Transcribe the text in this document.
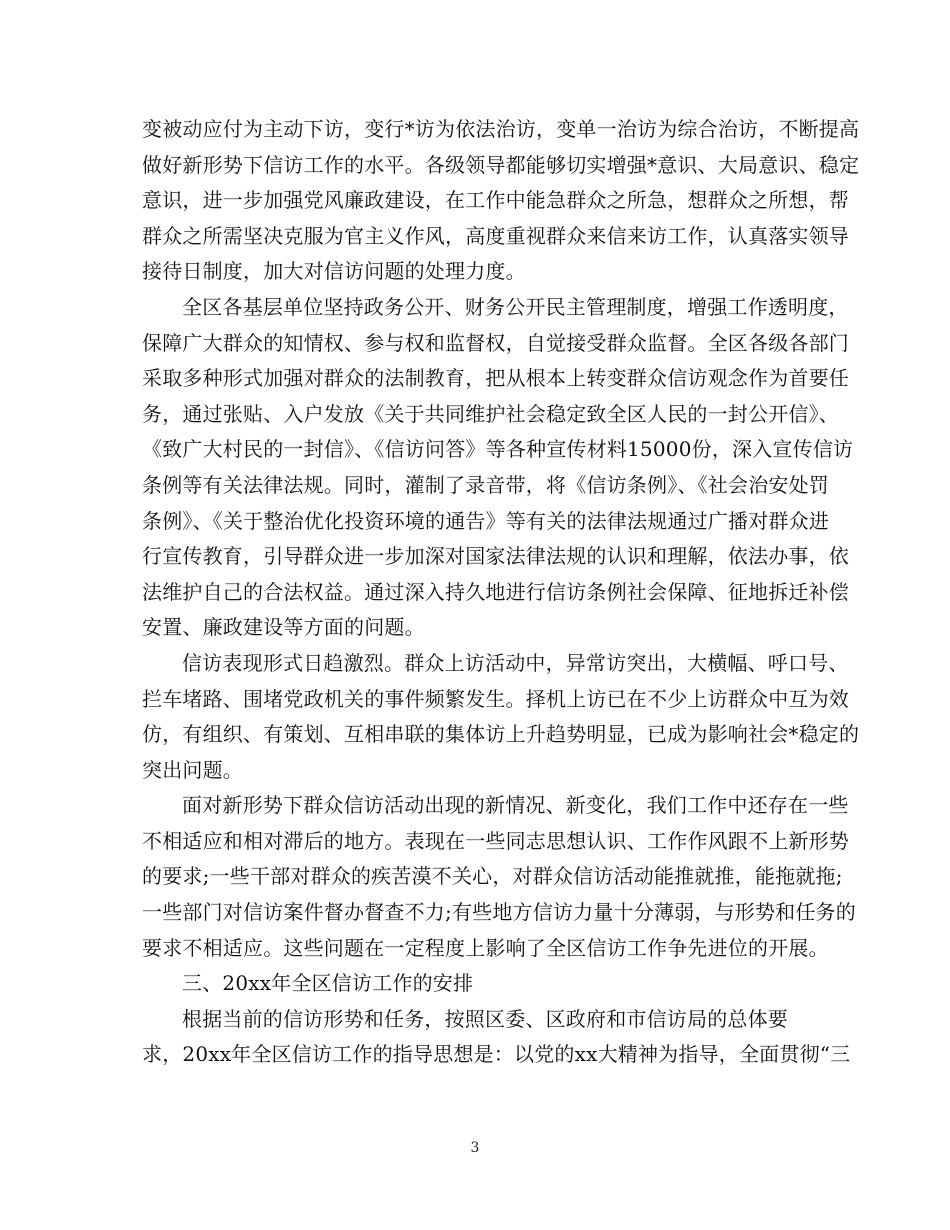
变被动应付为主动下访，变行*访为依法治访，变单一治访为综合治访，不断提高
做好新形势下信访工作的水平。各级领导都能够切实增强*意识、大局意识、稳定
意识，进一步加强党风廉政建设，在工作中能急群众之所急，想群众之所想，帮
群众之所需坚决克服为官主义作风，高度重视群众来信来访工作，认真落实领导
接待日制度，加大对信访问题的处理力度。

全区各基层单位坚持政务公开、财务公开民主管理制度，增强工作透明度，
保障广大群众的知情权、参与权和监督权，自觉接受群众监督。全区各级各部门
采取多种形式加强对群众的法制教育，把从根本上转变群众信访观念作为首要任
务，通过张贴、入户发放《关于共同维护社会稳定致全区人民的一封公开信》、
《致广大村民的一封信》、《信访问答》等各种宣传材料15000份，深入宣传信访
条例等有关法律法规。同时，灌制了录音带，将《信访条例》、《社会治安处罚
条例》、《关于整治优化投资环境的通告》等有关的法律法规通过广播对群众进
行宣传教育，引导群众进一步加深对国家法律法规的认识和理解，依法办事，依
法维护自己的合法权益。通过深入持久地进行信访条例社会保障、征地拆迁补偿
安置、廉政建设等方面的问题。

信访表现形式日趋激烈。群众上访活动中，异常访突出，大横幅、呼口号、
拦车堵路、围堵党政机关的事件频繁发生。择机上访已在不少上访群众中互为效
仿，有组织、有策划、互相串联的集体访上升趋势明显，已成为影响社会*稳定的
突出问题。

面对新形势下群众信访活动出现的新情况、新变化，我们工作中还存在一些
不相适应和相对滞后的地方。表现在一些同志思想认识、工作作风跟不上新形势
的要求;一些干部对群众的疾苦漠不关心，对群众信访活动能推就推，能拖就拖;
一些部门对信访案件督办督查不力;有些地方信访力量十分薄弱，与形势和任务的
要求不相适应。这些问题在一定程度上影响了全区信访工作争先进位的开展。

三、20xx年全区信访工作的安排

根据当前的信访形势和任务，按照区委、区政府和市信访局的总体要
求，20xx年全区信访工作的指导思想是：以党的xx大精神为指导，全面贯彻“三

3
